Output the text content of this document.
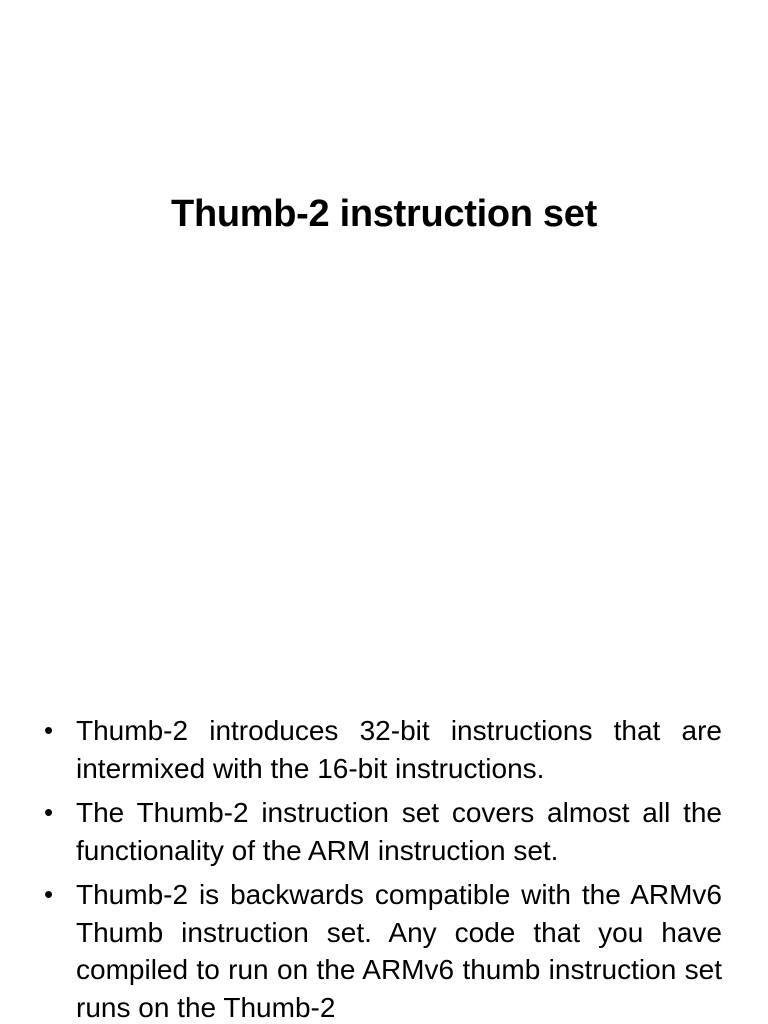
Thumb-2 instruction set
• Thumb-2 introduces 32-bit instructions that are intermixed with the 16-bit instructions.
• The Thumb-2 instruction set covers almost all the functionality of the ARM instruction set.
• Thumb-2 is backwards compatible with the ARMv6 Thumb instruction set. Any code that you have compiled to run on the ARMv6 thumb instruction set runs on the Thumb-2
